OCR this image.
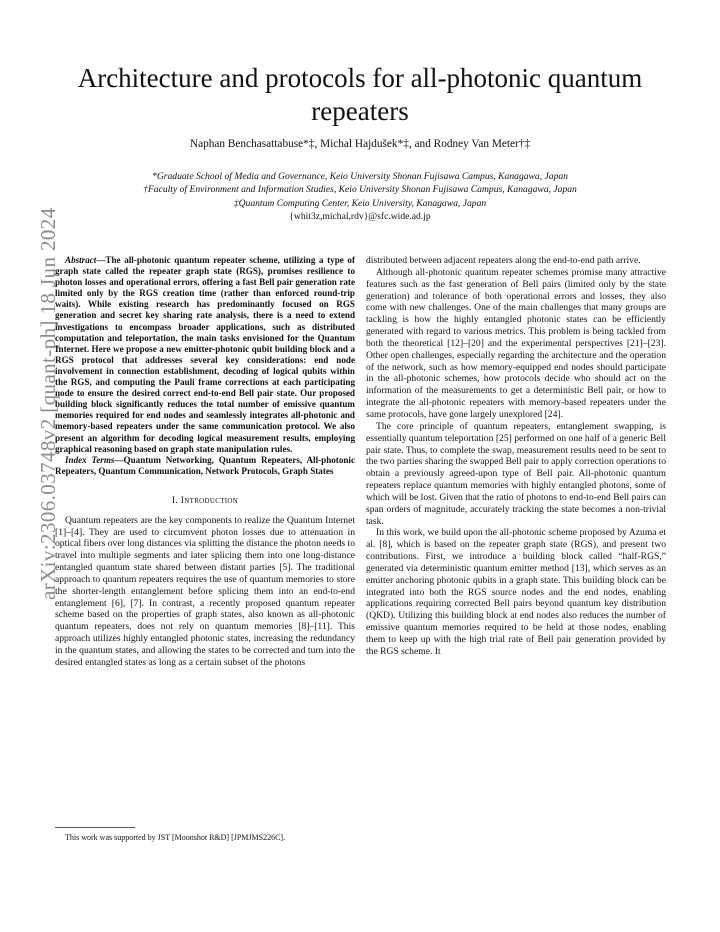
Architecture and protocols for all-photonic quantum repeaters
Naphan Benchasattabuse*‡, Michal Hajdušek*‡, and Rodney Van Meter†‡
*Graduate School of Media and Governance, Keio University Shonan Fujisawa Campus, Kanagawa, Japan
†Faculty of Environment and Information Studies, Keio University Shonan Fujisawa Campus, Kanagawa, Japan
‡Quantum Computing Center, Keio University, Kanagawa, Japan
{whit3z,michal,rdv}@sfc.wide.ad.jp
arXiv:2306.03748v2 [quant-ph] 18 Jun 2024 Abstract—The all-photonic quantum repeater scheme, utilizing a type of graph state called the repeater graph state (RGS), promises resilience to photon losses and operational errors, offering a fast Bell pair generation rate limited only by the RGS creation time (rather than enforced round-trip waits). While existing research has predominantly focused on RGS generation and secret key sharing rate analysis, there is a need to extend investigations to encompass broader applications, such as distributed computation and teleportation, the main tasks envisioned for the Quantum Internet. Here we propose a new emitter-photonic qubit building block and a RGS protocol that addresses several key considerations: end node involvement in connection establishment, decoding of logical qubits within the RGS, and computing the Pauli frame corrections at each participating node to ensure the desired correct end-to-end Bell pair state. Our proposed building block significantly reduces the total number of emissive quantum memories required for end nodes and seamlessly integrates all-photonic and memory-based repeaters under the same communication protocol. We also present an algorithm for decoding logical measurement results, employing graphical reasoning based on graph state manipulation rules.

Index Terms—Quantum Networking, Quantum Repeaters, All-photonic Repeaters, Quantum Communication, Network Protocols, Graph States

I. Introduction

Quantum repeaters are the key components to realize the Quantum Internet [1]–[4]. They are used to circumvent photon losses due to attenuation in optical fibers over long distances via splitting the distance the photon needs to travel into multiple segments and later splicing them into one long-distance entangled quantum state shared between distant parties [5]. The traditional approach to quantum repeaters requires the use of quantum memories to store the shorter-length entanglement before splicing them into an end-to-end entanglement [6], [7]. In contrast, a recently proposed quantum repeater scheme based on the properties of graph states, also known as all-photonic quantum repeaters, does not rely on quantum memories [8]–[11]. This approach utilizes highly entangled photonic states, increasing the redundancy in the quantum states, and allowing the states to be corrected and turn into the desired entangled states as long as a certain subset of the photons

distributed between adjacent repeaters along the end-to-end path arrive.

Although all-photonic quantum repeater schemes promise many attractive features such as the fast generation of Bell pairs (limited only by the state generation) and tolerance of both operational errors and losses, they also come with new challenges. One of the main challenges that many groups are tackling is how the highly entangled photonic states can be efficiently generated with regard to various metrics. This problem is being tackled from both the theoretical [12]–[20] and the experimental perspectives [21]–[23]. Other open challenges, especially regarding the architecture and the operation of the network, such as how memory-equipped end nodes should participate in the all-photonic schemes, how protocols decide who should act on the information of the measurements to get a deterministic Bell pair, or how to integrate the all-photonic repeaters with memory-based repeaters under the same protocols, have gone largely unexplored [24].

The core principle of quantum repeaters, entanglement swapping, is essentially quantum teleportation [25] performed on one half of a generic Bell pair state. Thus, to complete the swap, measurement results need to be sent to the two parties sharing the swapped Bell pair to apply correction operations to obtain a previously agreed-upon type of Bell pair. All-photonic quantum repeaters replace quantum memories with highly entangled photons, some of which will be lost. Given that the ratio of photons to end-to-end Bell pairs can span orders of magnitude, accurately tracking the state becomes a non-trivial task.

In this work, we build upon the all-photonic scheme proposed by Azuma et al. [8], which is based on the repeater graph state (RGS), and present two contributions. First, we introduce a building block called “half-RGS,” generated via deterministic quantum emitter method [13], which serves as an emitter anchoring photonic qubits in a graph state. This building block can be integrated into both the RGS source nodes and the end nodes, enabling applications requiring corrected Bell pairs beyond quantum key distribution (QKD). Utilizing this building block at end nodes also reduces the number of emissive quantum memories required to be held at those nodes, enabling them to keep up with the high trial rate of Bell pair generation provided by the RGS scheme. It

This work was supported by JST [Moonshot R&D] [JPMJMS226C].
